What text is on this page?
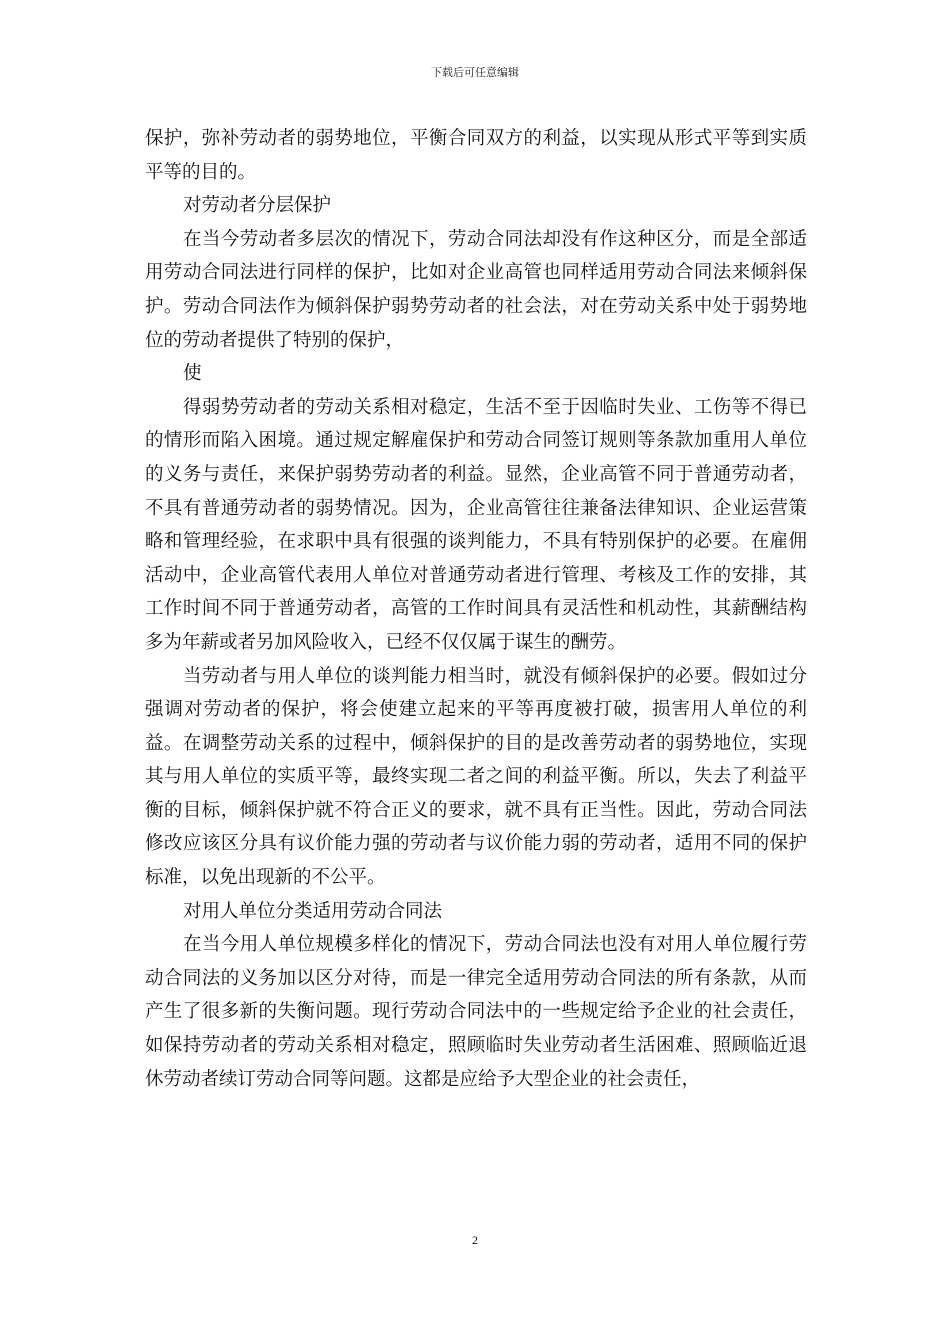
下载后可任意编辑

保护，弥补劳动者的弱势地位，平衡合同双方的利益，以实现从形式平等到实质平等的目的。

对劳动者分层保护

在当今劳动者多层次的情况下，劳动合同法却没有作这种区分，而是全部适用劳动合同法进行同样的保护，比如对企业高管也同样适用劳动合同法来倾斜保护。劳动合同法作为倾斜保护弱势劳动者的社会法，对在劳动关系中处于弱势地位的劳动者提供了特别的保护，

使

得弱势劳动者的劳动关系相对稳定，生活不至于因临时失业、工伤等不得已的情形而陷入困境。通过规定解雇保护和劳动合同签订规则等条款加重用人单位的义务与责任，来保护弱势劳动者的利益。显然，企业高管不同于普通劳动者，不具有普通劳动者的弱势情况。因为，企业高管往往兼备法律知识、企业运营策略和管理经验，在求职中具有很强的谈判能力，不具有特别保护的必要。在雇佣活动中，企业高管代表用人单位对普通劳动者进行管理、考核及工作的安排，其工作时间不同于普通劳动者，高管的工作时间具有灵活性和机动性，其薪酬结构多为年薪或者另加风险收入，已经不仅仅属于谋生的酬劳。

当劳动者与用人单位的谈判能力相当时，就没有倾斜保护的必要。假如过分强调对劳动者的保护，将会使建立起来的平等再度被打破，损害用人单位的利益。在调整劳动关系的过程中，倾斜保护的目的是改善劳动者的弱势地位，实现其与用人单位的实质平等，最终实现二者之间的利益平衡。所以，失去了利益平衡的目标，倾斜保护就不符合正义的要求，就不具有正当性。因此，劳动合同法修改应该区分具有议价能力强的劳动者与议价能力弱的劳动者，适用不同的保护标准，以免出现新的不公平。

对用人单位分类适用劳动合同法

在当今用人单位规模多样化的情况下，劳动合同法也没有对用人单位履行劳动合同法的义务加以区分对待，而是一律完全适用劳动合同法的所有条款，从而产生了很多新的失衡问题。现行劳动合同法中的一些规定给予企业的社会责任，如保持劳动者的劳动关系相对稳定，照顾临时失业劳动者生活困难、照顾临近退休劳动者续订劳动合同等问题。这都是应给予大型企业的社会责任，

2
